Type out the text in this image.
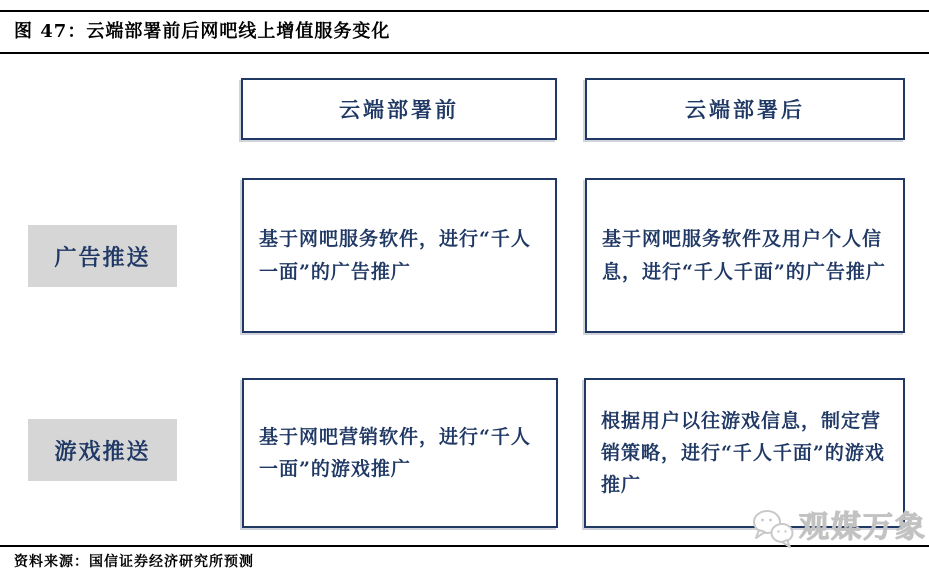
图 47：云端部署前后网吧线上增值服务变化
云端部署前	云端部署后
广告推送

基于网吧服务软件，进行“千人一面”的广告推广

基于网吧服务软件及用户个人信息，进行“千人千面”的广告推广

游戏推送

基于网吧营销软件，进行“千人一面”的游戏推广

根据用户以往游戏信息，制定营销策略，进行“千人千面”的游戏推广

资料来源：国信证券经济研究所预测
观媒万象
